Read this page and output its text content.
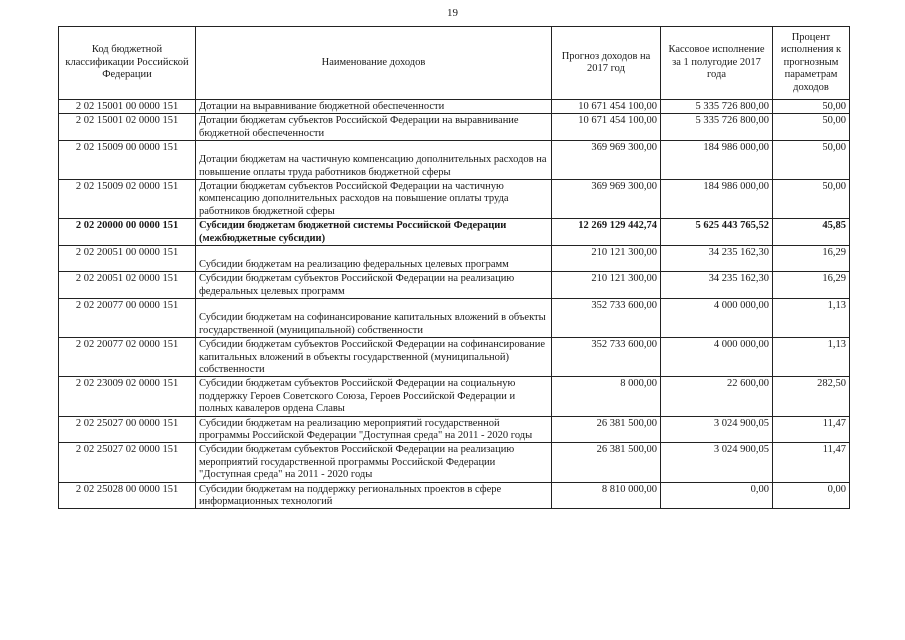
19
Код бюджетной классификации Российской Федерации	Наименование доходов	Прогноз доходов на 2017 год	Кассовое исполнение за 1 полугодие 2017 года	Процент исполнения к прогнозным параметрам доходов
2 02 15001 00 0000 151	Дотации на выравнивание бюджетной обеспеченности	10 671 454 100,00	5 335 726 800,00	50,00
2 02 15001 02 0000 151	Дотации бюджетам субъектов Российской Федерации на выравнивание бюджетной обеспеченности	10 671 454 100,00	5 335 726 800,00	50,00
2 02 15009 00 0000 151	Дотации бюджетам на частичную компенсацию дополнительных расходов на повышение оплаты труда работников бюджетной сферы	369 969 300,00	184 986 000,00	50,00
2 02 15009 02 0000 151	Дотации бюджетам субъектов Российской Федерации на частичную компенсацию дополнительных расходов на повышение оплаты труда работников бюджетной сферы	369 969 300,00	184 986 000,00	50,00
2 02 20000 00 0000 151	Субсидии бюджетам бюджетной системы Российской Федерации (межбюджетные субсидии)	12 269 129 442,74	5 625 443 765,52	45,85
2 02 20051 00 0000 151	Субсидии бюджетам на реализацию федеральных целевых программ	210 121 300,00	34 235 162,30	16,29
2 02 20051 02 0000 151	Субсидии бюджетам субъектов Российской Федерации на реализацию федеральных целевых программ	210 121 300,00	34 235 162,30	16,29
2 02 20077 00 0000 151	Субсидии бюджетам на софинансирование капитальных вложений в объекты государственной (муниципальной) собственности	352 733 600,00	4 000 000,00	1,13
2 02 20077 02 0000 151	Субсидии бюджетам субъектов Российской Федерации на софинансирование капитальных вложений в объекты государственной (муниципальной) собственности	352 733 600,00	4 000 000,00	1,13
2 02 23009 02 0000 151	Субсидии бюджетам субъектов Российской Федерации на социальную поддержку Героев Советского Союза, Героев Российской Федерации и полных кавалеров ордена Славы	8 000,00	22 600,00	282,50
2 02 25027 00 0000 151	Субсидии бюджетам на реализацию мероприятий государственной программы Российской Федерации "Доступная среда" на 2011 - 2020 годы	26 381 500,00	3 024 900,05	11,47
2 02 25027 02 0000 151	Субсидии бюджетам субъектов Российской Федерации на реализацию мероприятий государственной программы Российской Федерации "Доступная среда" на 2011 - 2020 годы	26 381 500,00	3 024 900,05	11,47
2 02 25028 00 0000 151	Субсидии бюджетам на поддержку региональных проектов в сфере информационных технологий	8 810 000,00	0,00	0,00
